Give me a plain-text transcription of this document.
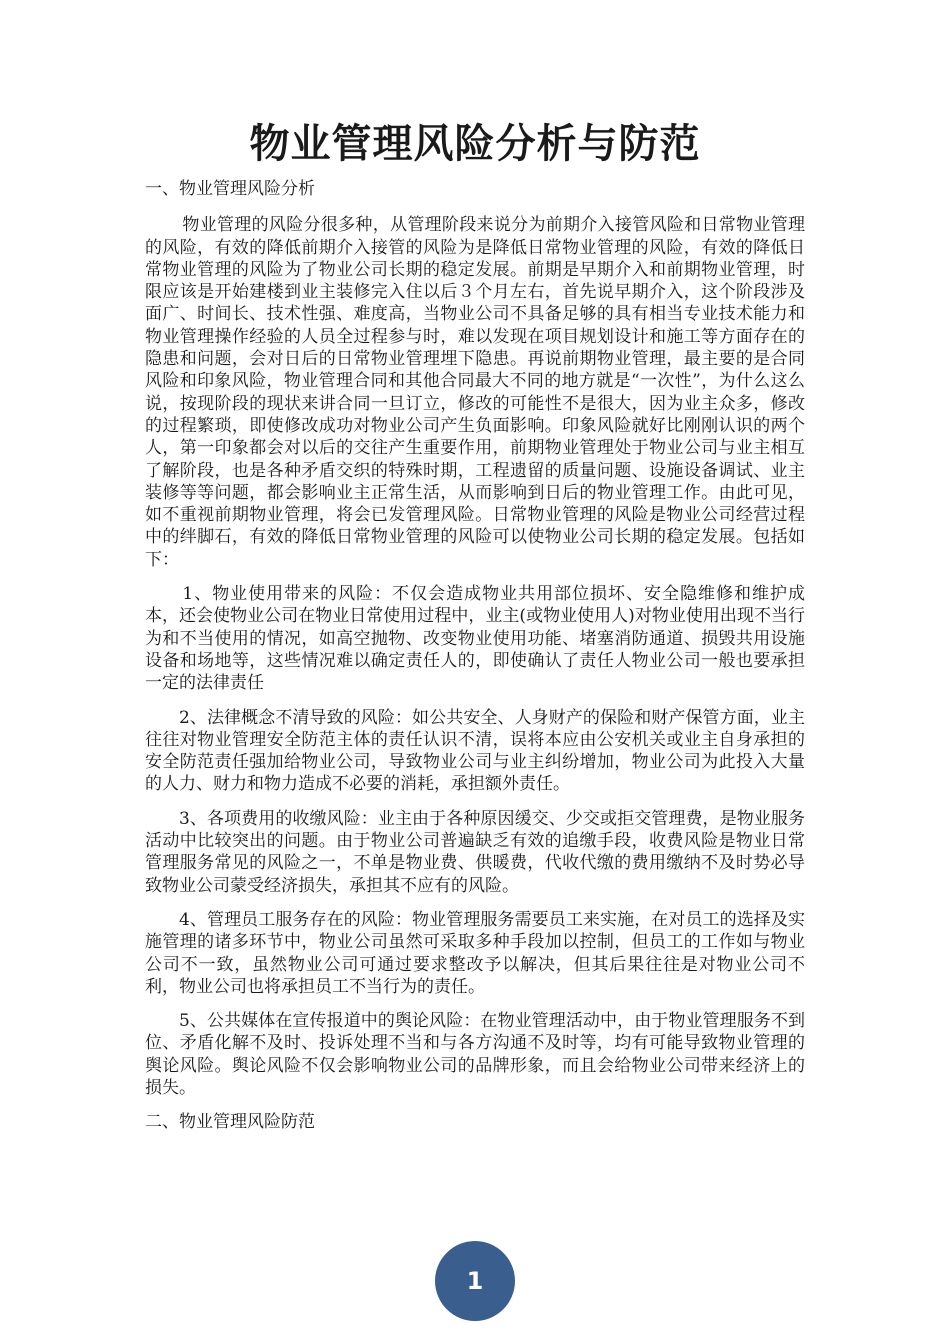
物业管理风险分析与防范

一、物业管理风险分析

物业管理的风险分很多种，从管理阶段来说分为前期介入接管风险和日常物业管理的风险，有效的降低前期介入接管的风险为是降低日常物业管理的风险，有效的降低日常物业管理的风险为了物业公司长期的稳定发展。前期是早期介入和前期物业管理，时限应该是开始建楼到业主装修完入住以后３个月左右，首先说早期介入，这个阶段涉及面广、时间长、技术性强、难度高，当物业公司不具备足够的具有相当专业技术能力和物业管理操作经验的人员全过程参与时，难以发现在项目规划设计和施工等方面存在的隐患和问题，会对日后的日常物业管理埋下隐患。再说前期物业管理，最主要的是合同风险和印象风险，物业管理合同和其他合同最大不同的地方就是“一次性”，为什么这么说，按现阶段的现状来讲合同一旦订立，修改的可能性不是很大，因为业主众多，修改的过程繁琐，即使修改成功对物业公司产生负面影响。印象风险就好比刚刚认识的两个人，第一印象都会对以后的交往产生重要作用，前期物业管理处于物业公司与业主相互了解阶段，也是各种矛盾交织的特殊时期，工程遗留的质量问题、设施设备调试、业主装修等等问题，都会影响业主正常生活，从而影响到日后的物业管理工作。由此可见，如不重视前期物业管理，将会已发管理风险。日常物业管理的风险是物业公司经营过程中的绊脚石，有效的降低日常物业管理的风险可以使物业公司长期的稳定发展。包括如下：

1、物业使用带来的风险：不仅会造成物业共用部位损坏、安全隐维修和维护成本，还会使物业公司在物业日常使用过程中，业主(或物业使用人)对物业使用出现不当行为和不当使用的情况，如高空抛物、改变物业使用功能、堵塞消防通道、损毁共用设施设备和场地等，这些情况难以确定责任人的，即使确认了责任人物业公司一般也要承担一定的法律责任

2、法律概念不清导致的风险：如公共安全、人身财产的保险和财产保管方面，业主往往对物业管理安全防范主体的责任认识不清，误将本应由公安机关或业主自身承担的安全防范责任强加给物业公司，导致物业公司与业主纠纷增加，物业公司为此投入大量的人力、财力和物力造成不必要的消耗，承担额外责任。

3、各项费用的收缴风险：业主由于各种原因缓交、少交或拒交管理费，是物业服务活动中比较突出的问题。由于物业公司普遍缺乏有效的追缴手段，收费风险是物业日常管理服务常见的风险之一，不单是物业费、供暖费，代收代缴的费用缴纳不及时势必导致物业公司蒙受经济损失，承担其不应有的风险。

4、管理员工服务存在的风险：物业管理服务需要员工来实施，在对员工的选择及实施管理的诸多环节中，物业公司虽然可采取多种手段加以控制，但员工的工作如与物业公司不一致，虽然物业公司可通过要求整改予以解决，但其后果往往是对物业公司不利，物业公司也将承担员工不当行为的责任。

5、公共媒体在宣传报道中的舆论风险：在物业管理活动中，由于物业管理服务不到位、矛盾化解不及时、投诉处理不当和与各方沟通不及时等，均有可能导致物业管理的舆论风险。舆论风险不仅会影响物业公司的品牌形象，而且会给物业公司带来经济上的损失。

二、物业管理风险防范

1
